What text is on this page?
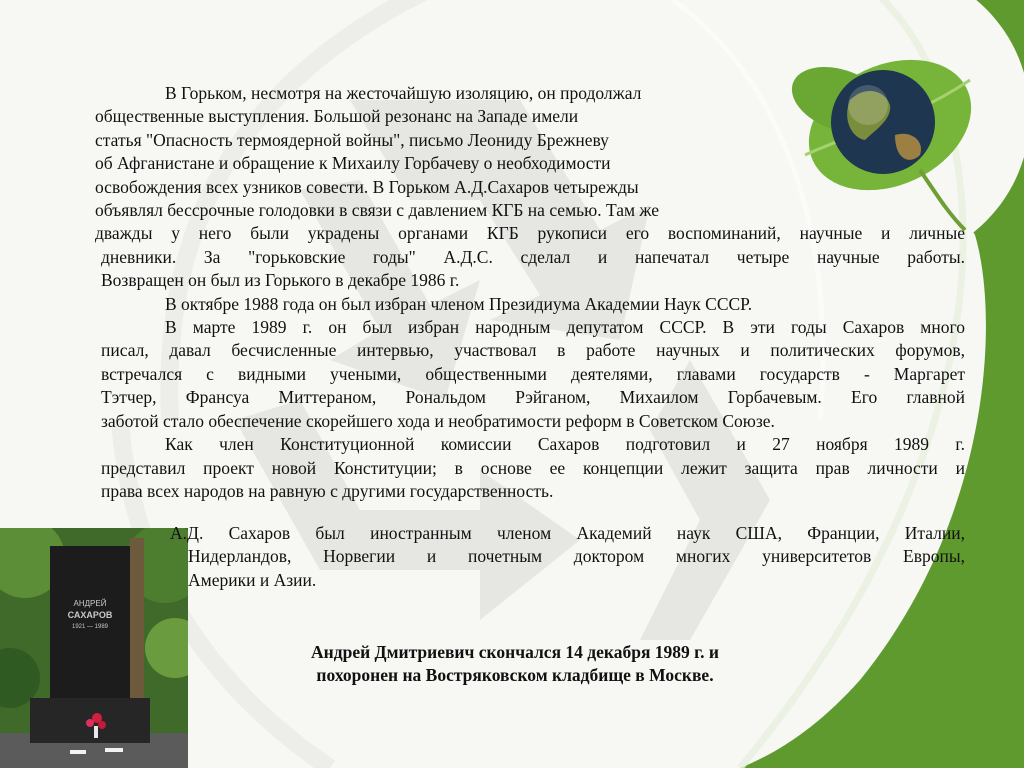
АНДРЕЙ
САХАРОВ
1921 — 1989
В Горьком, несмотря на жесточайшую изоляцию, он продолжал
общественные выступления. Большой резонанс на Западе имели
статья "Опасность термоядерной войны", письмо Леониду Брежневу
об Афганистане и обращение к Михаилу Горбачеву о необходимости
освобождения всех узников совести. В Горьком А.Д.Сахаров четырежды
объявлял бессрочные голодовки в связи с давлением КГБ на семью. Там же
дважды у него были украдены органами КГБ рукописи его воспоминаний, научные и личные
дневники. За "горьковские годы" А.Д.С. сделал и напечатал четыре научные работы.
Возвращен он был из Горького в декабре 1986 г.
В октябре 1988 года он был избран членом Президиума Академии Наук СССР.
В марте 1989 г. он был избран народным депутатом СССР. В эти годы Сахаров много
писал, давал бесчисленные интервью, участвовал в работе научных и политических форумов,
встречался с видными учеными, общественными деятелями, главами государств - Маргарет
Тэтчер, Франсуа Миттераном, Рональдом Рэйганом, Михаилом Горбачевым. Его главной
заботой стало обеспечение скорейшего хода и необратимости реформ в Советском Союзе.
Как член Конституционной комиссии Сахаров подготовил и 27 ноября 1989 г.
представил проект новой Конституции; в основе ее концепции лежит защита прав личности и
права всех народов на равную с другими государственность.
А.Д. Сахаров был иностранным членом Академий наук США, Франции, Италии,
Нидерландов, Норвегии и почетным доктором многих университетов Европы,
Америки и Азии.
Андрей Дмитриевич скончался 14 декабря 1989 г. и
похоронен на Востряковском кладбище в Москве.
